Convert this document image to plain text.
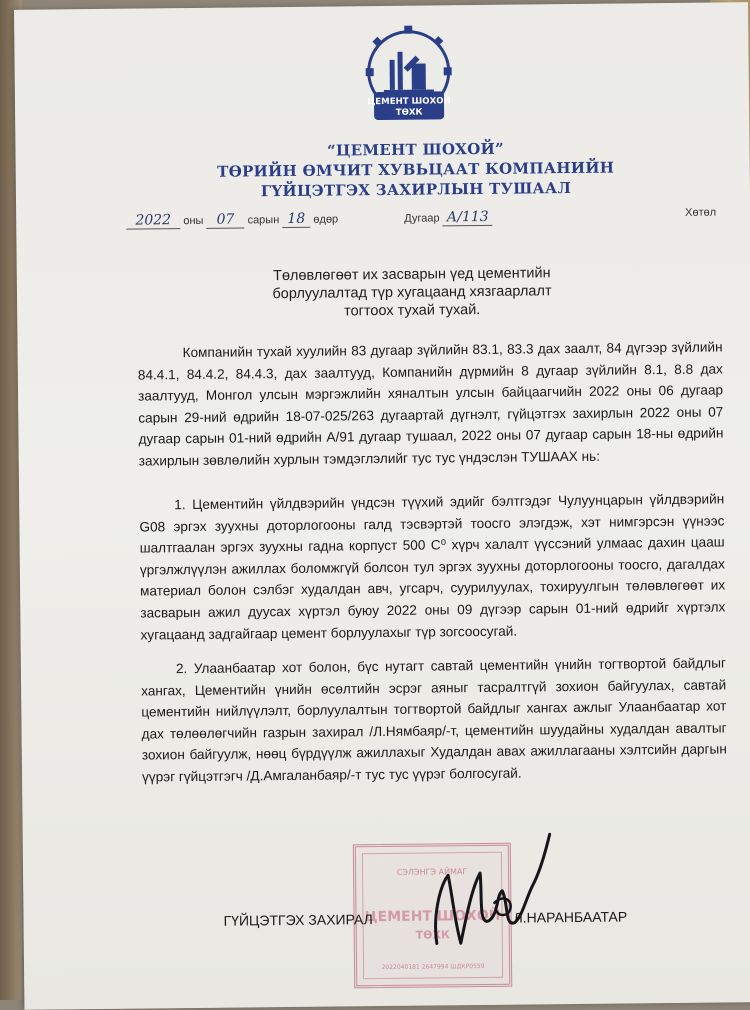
ЦЕМЕНТ ШОХОЙ
ТӨХК
“ЦЕМЕНТ ШОХОЙ”
ТӨРИЙН ӨМЧИТ ХУВЬЦААТ КОМПАНИЙН
ГҮЙЦЭТГЭХ ЗАХИРЛЫН ТУШААЛ
2022 оны 07 сарын 18 өдөр	Дугаар А/113	Хөтөл
Төлөвлөгөөт их засварын үед цементийн борлуулалтад түр хугацаанд хязгаарлалт тогтоох тухай тухай.
Компанийн тухай хуулийн 83 дугаар зүйлийн 83.1, 83.3 дах заалт, 84 дүгээр зүйлийн 84.4.1, 84.4.2, 84.4.3, дах заалтууд, Компанийн дүрмийн 8 дугаар зүйлийн 8.1, 8.8 дах заалтууд, Монгол улсын мэргэжлийн хяналтын улсын байцаагчийн 2022 оны 06 дугаар сарын 29-ний өдрийн 18-07-025/263 дугаартай дүгнэлт, гүйцэтгэх захирлын 2022 оны 07 дугаар сарын 01-ний өдрийн А/91 дугаар тушаал, 2022 оны 07 дугаар сарын 18-ны өдрийн захирлын зөвлөлийн хурлын тэмдэглэлийг тус тус үндэслэн ТУШААХ нь:
1. Цементийн үйлдвэрийн үндсэн түүхий эдийг бэлтгэдэг Чулуунцарын үйлдвэрийн G08 эргэх зуухны доторлогооны галд тэсвэртэй тоосго элэгдэж, хэт нимгэрсэн үүнээс шалтгаалан эргэх зуухны гадна корпуст 500 С⁰ хүрч халалт үүссэний улмаас дахин цааш үргэлжлүүлэн ажиллах боломжгүй болсон тул эргэх зуухны доторлогооны тоосго, дагалдах материал болон сэлбэг худалдан авч, угсарч, суурилуулах, тохируулгын төлөвлөгөөт их засварын ажил дуусах хүртэл буюу 2022 оны 09 дүгээр сарын 01-ний өдрийг хүртэлх хугацаанд задгайгаар цемент борлуулахыг түр зогсоосугай.
2. Улаанбаатар хот болон, бүс нутагт савтай цементийн үнийн тогтвортой байдлыг хангах, Цементийн үнийн өсөлтийн эсрэг аяныг тасралтгүй зохион байгуулах, савтай цементийн нийлүүлэлт, борлуулалтын тогтвортой байдлыг хангах ажлыг Улаанбаатар хот дах төлөөлөгчийн газрын захирал /Л.Нямбаяр/-т, цементийн шуудайны худалдан авалтыг зохион байгуулж, нөөц бүрдүүлж ажиллахыг Худалдан авах ажиллагааны хэлтсийн даргын үүрэг гүйцэтгэгч /Д.Амгаланбаяр/-т тус тус үүрэг болгосугай.
СЭЛЭНГЭ АЙМАГ
ЦЕМЕНТ ШОХОЙ
ТӨХК
2022040181 2647994 ШДКР0559
ГҮЙЦЭТГЭХ ЗАХИРАЛ	Л.НАРАНБААТАР
